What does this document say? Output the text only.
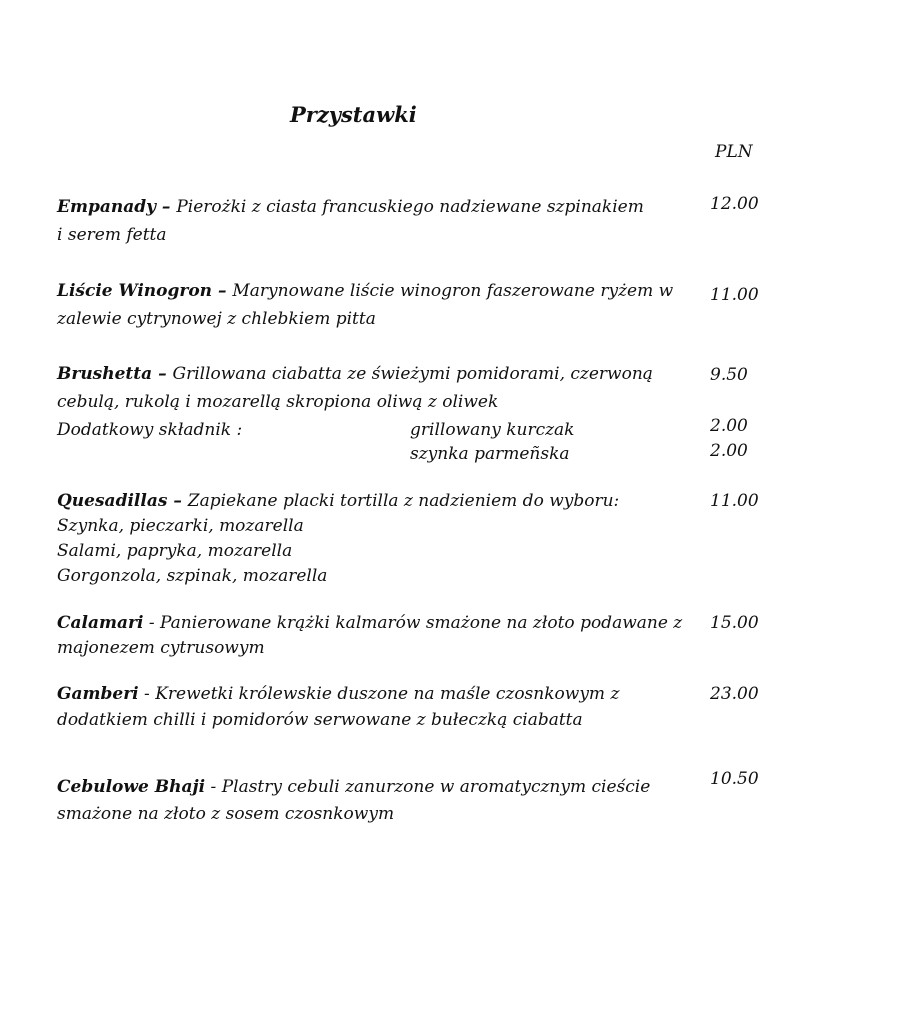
Przystawki
PLN
Empanady – Pierożki z ciasta francuskiego nadziewane szpinakiem
i serem fetta
12.00
Liście Winogron – Marynowane liście winogron faszerowane ryżem w
zalewie cytrynowej z chlebkiem pitta
11.00
Brushetta – Grillowana ciabatta ze świeżymi pomidorami, czerwoną
cebulą, rukolą i mozarellą skropiona oliwą z oliwek
9.50
Dodatkowy składnik :	grillowany kurczak	2.00
szynka parmeñska	2.00
Quesadillas – Zapiekane placki tortilla z nadzieniem do wyboru:
Szynka, pieczarki, mozarella
Salami, papryka, mozarella
Gorgonzola, szpinak, mozarella
11.00
Calamari - Panierowane krążki kalmarów smażone na złoto podawane z
majonezem cytrusowym
15.00
Gamberi - Krewetki królewskie duszone na maśle czosnkowym z
dodatkiem chilli i pomidorów serwowane z bułeczką ciabatta
23.00
Cebulowe Bhaji - Plastry cebuli zanurzone w aromatycznym cieście
smażone na złoto z sosem czosnkowym
10.50
